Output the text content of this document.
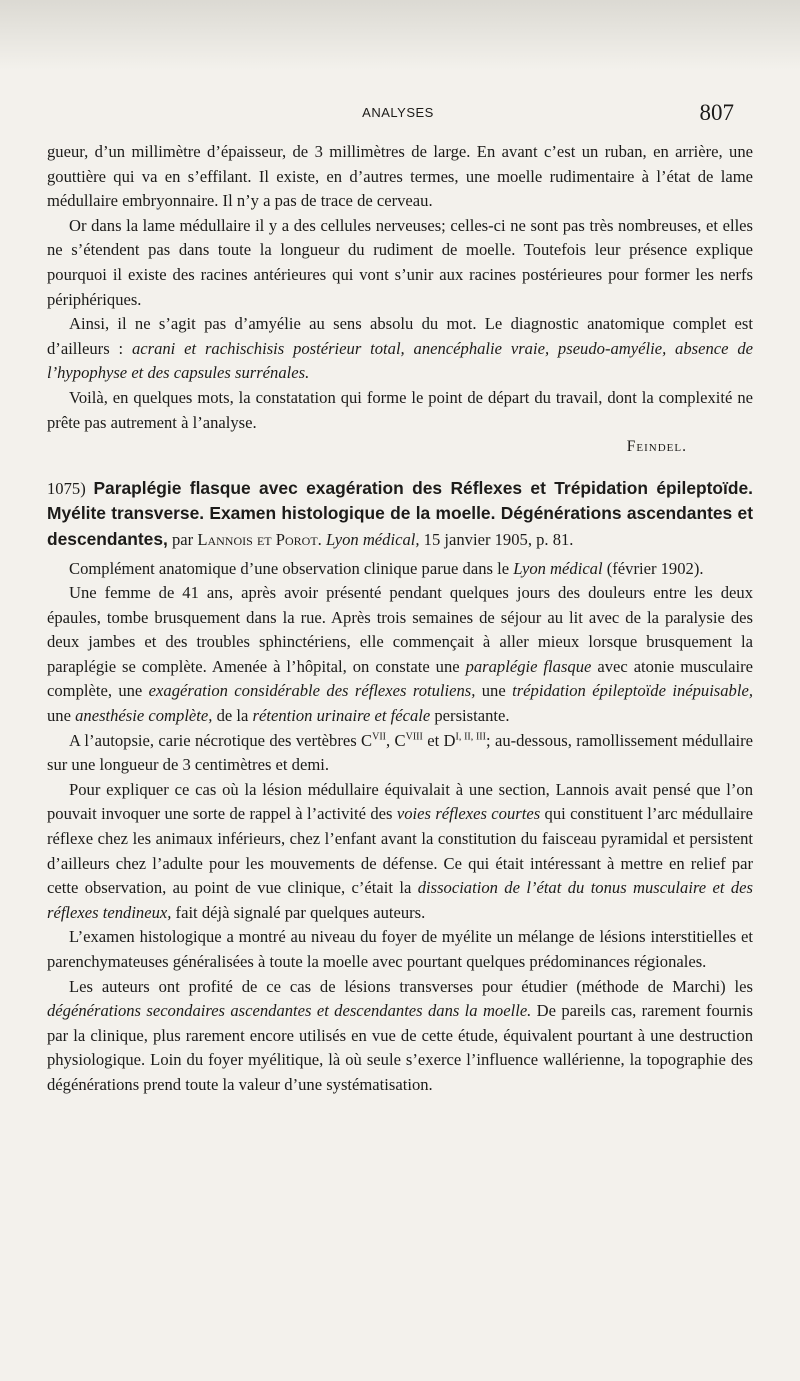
ANALYSES	807

gueur, d’un millimètre d’épaisseur, de 3 millimètres de large. En avant c’est un ruban, en arrière, une gouttière qui va en s’effilant. Il existe, en d’autres termes, une moelle rudimentaire à l’état de lame médullaire embryonnaire. Il n’y a pas de trace de cerveau.

Or dans la lame médullaire il y a des cellules nerveuses; celles-ci ne sont pas très nombreuses, et elles ne s’étendent pas dans toute la longueur du rudiment de moelle. Toutefois leur présence explique pourquoi il existe des racines antérieures qui vont s’unir aux racines postérieures pour former les nerfs périphériques.

Ainsi, il ne s’agit pas d’amyélie au sens absolu du mot. Le diagnostic anatomique complet est d’ailleurs : acrani et rachischisis postérieur total, anencéphalie vraie, pseudo-amyélie, absence de l’hypophyse et des capsules surrénales.

Voilà, en quelques mots, la constatation qui forme le point de départ du travail, dont la complexité ne prête pas autrement à l’analyse.

Feindel.

1075) Paraplégie flasque avec exagération des Réflexes et Trépidation épileptoïde. Myélite transverse. Examen histologique de la moelle. Dégénérations ascendantes et descendantes, par Lannois et Porot. Lyon médical, 15 janvier 1905, p. 81.

Complément anatomique d’une observation clinique parue dans le Lyon médical (février 1902).

Une femme de 41 ans, après avoir présenté pendant quelques jours des douleurs entre les deux épaules, tombe brusquement dans la rue. Après trois semaines de séjour au lit avec de la paralysie des deux jambes et des troubles sphinctériens, elle commençait à aller mieux lorsque brusquement la paraplégie se complète. Amenée à l’hôpital, on constate une paraplégie flasque avec atonie musculaire complète, une exagération considérable des réflexes rotuliens, une trépidation épileptoïde inépuisable, une anesthésie complète, de la rétention urinaire et fécale persistante.

A l’autopsie, carie nécrotique des vertèbres $C^{VII}$, $C^{VIII}$ et $D^{I, II, III}$; au-dessous, ramollissement médullaire sur une longueur de 3 centimètres et demi.

Pour expliquer ce cas où la lésion médullaire équivalait à une section, Lannois avait pensé que l’on pouvait invoquer une sorte de rappel à l’activité des voies réflexes courtes qui constituent l’arc médullaire réflexe chez les animaux inférieurs, chez l’enfant avant la constitution du faisceau pyramidal et persistent d’ailleurs chez l’adulte pour les mouvements de défense. Ce qui était intéressant à mettre en relief par cette observation, au point de vue clinique, c’était la dissociation de l’état du tonus musculaire et des réflexes tendineux, fait déjà signalé par quelques auteurs.

L’examen histologique a montré au niveau du foyer de myélite un mélange de lésions interstitielles et parenchymateuses généralisées à toute la moelle avec pourtant quelques prédominances régionales.

Les auteurs ont profité de ce cas de lésions transverses pour étudier (méthode de Marchi) les dégénérations secondaires ascendantes et descendantes dans la moelle. De pareils cas, rarement fournis par la clinique, plus rarement encore utilisés en vue de cette étude, équivalent pourtant à une destruction physiologique. Loin du foyer myélitique, là où seule s’exerce l’influence wallérienne, la topographie des dégénérations prend toute la valeur d’une systématisation.
